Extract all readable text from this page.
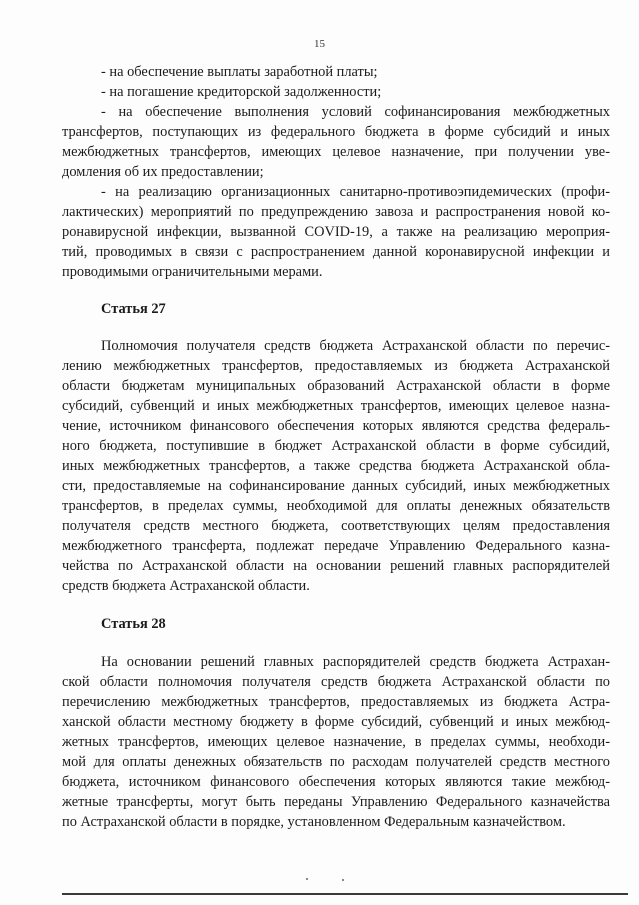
15
- на обеспечение выплаты заработной платы;
- на погашение кредиторской задолженности;
- на обеспечение выполнения условий софинансирования межбюджетных
трансфертов, поступающих из федерального бюджета в форме субсидий и иных
межбюджетных трансфертов, имеющих целевое назначение, при получении уве-
домления об их предоставлении;
- на реализацию организационных санитарно-противоэпидемических (профи-
лактических) мероприятий по предупреждению завоза и распространения новой ко-
ронавирусной инфекции, вызванной COVID-19, а также на реализацию мероприя-
тий, проводимых в связи с распространением данной коронавирусной инфекции и
проводимыми ограничительными мерами.
Статья 27
Полномочия получателя средств бюджета Астраханской области по перечис-
лению межбюджетных трансфертов, предоставляемых из бюджета Астраханской
области бюджетам муниципальных образований Астраханской области в форме
субсидий, субвенций и иных межбюджетных трансфертов, имеющих целевое назна-
чение, источником финансового обеспечения которых являются средства федераль-
ного бюджета, поступившие в бюджет Астраханской области в форме субсидий,
иных межбюджетных трансфертов, а также средства бюджета Астраханской обла-
сти, предоставляемые на софинансирование данных субсидий, иных межбюджетных
трансфертов, в пределах суммы, необходимой для оплаты денежных обязательств
получателя средств местного бюджета, соответствующих целям предоставления
межбюджетного трансферта, подлежат передаче Управлению Федерального казна-
чейства по Астраханской области на основании решений главных распорядителей
средств бюджета Астраханской области.
Статья 28
На основании решений главных распорядителей средств бюджета Астрахан-
ской области полномочия получателя средств бюджета Астраханской области по
перечислению межбюджетных трансфертов, предоставляемых из бюджета Астра-
ханской области местному бюджету в форме субсидий, субвенций и иных межбюд-
жетных трансфертов, имеющих целевое назначение, в пределах суммы, необходи-
мой для оплаты денежных обязательств по расходам получателей средств местного
бюджета, источником финансового обеспечения которых являются такие межбюд-
жетные трансферты, могут быть переданы Управлению Федерального казначейства
по Астраханской области в порядке, установленном Федеральным казначейством.
